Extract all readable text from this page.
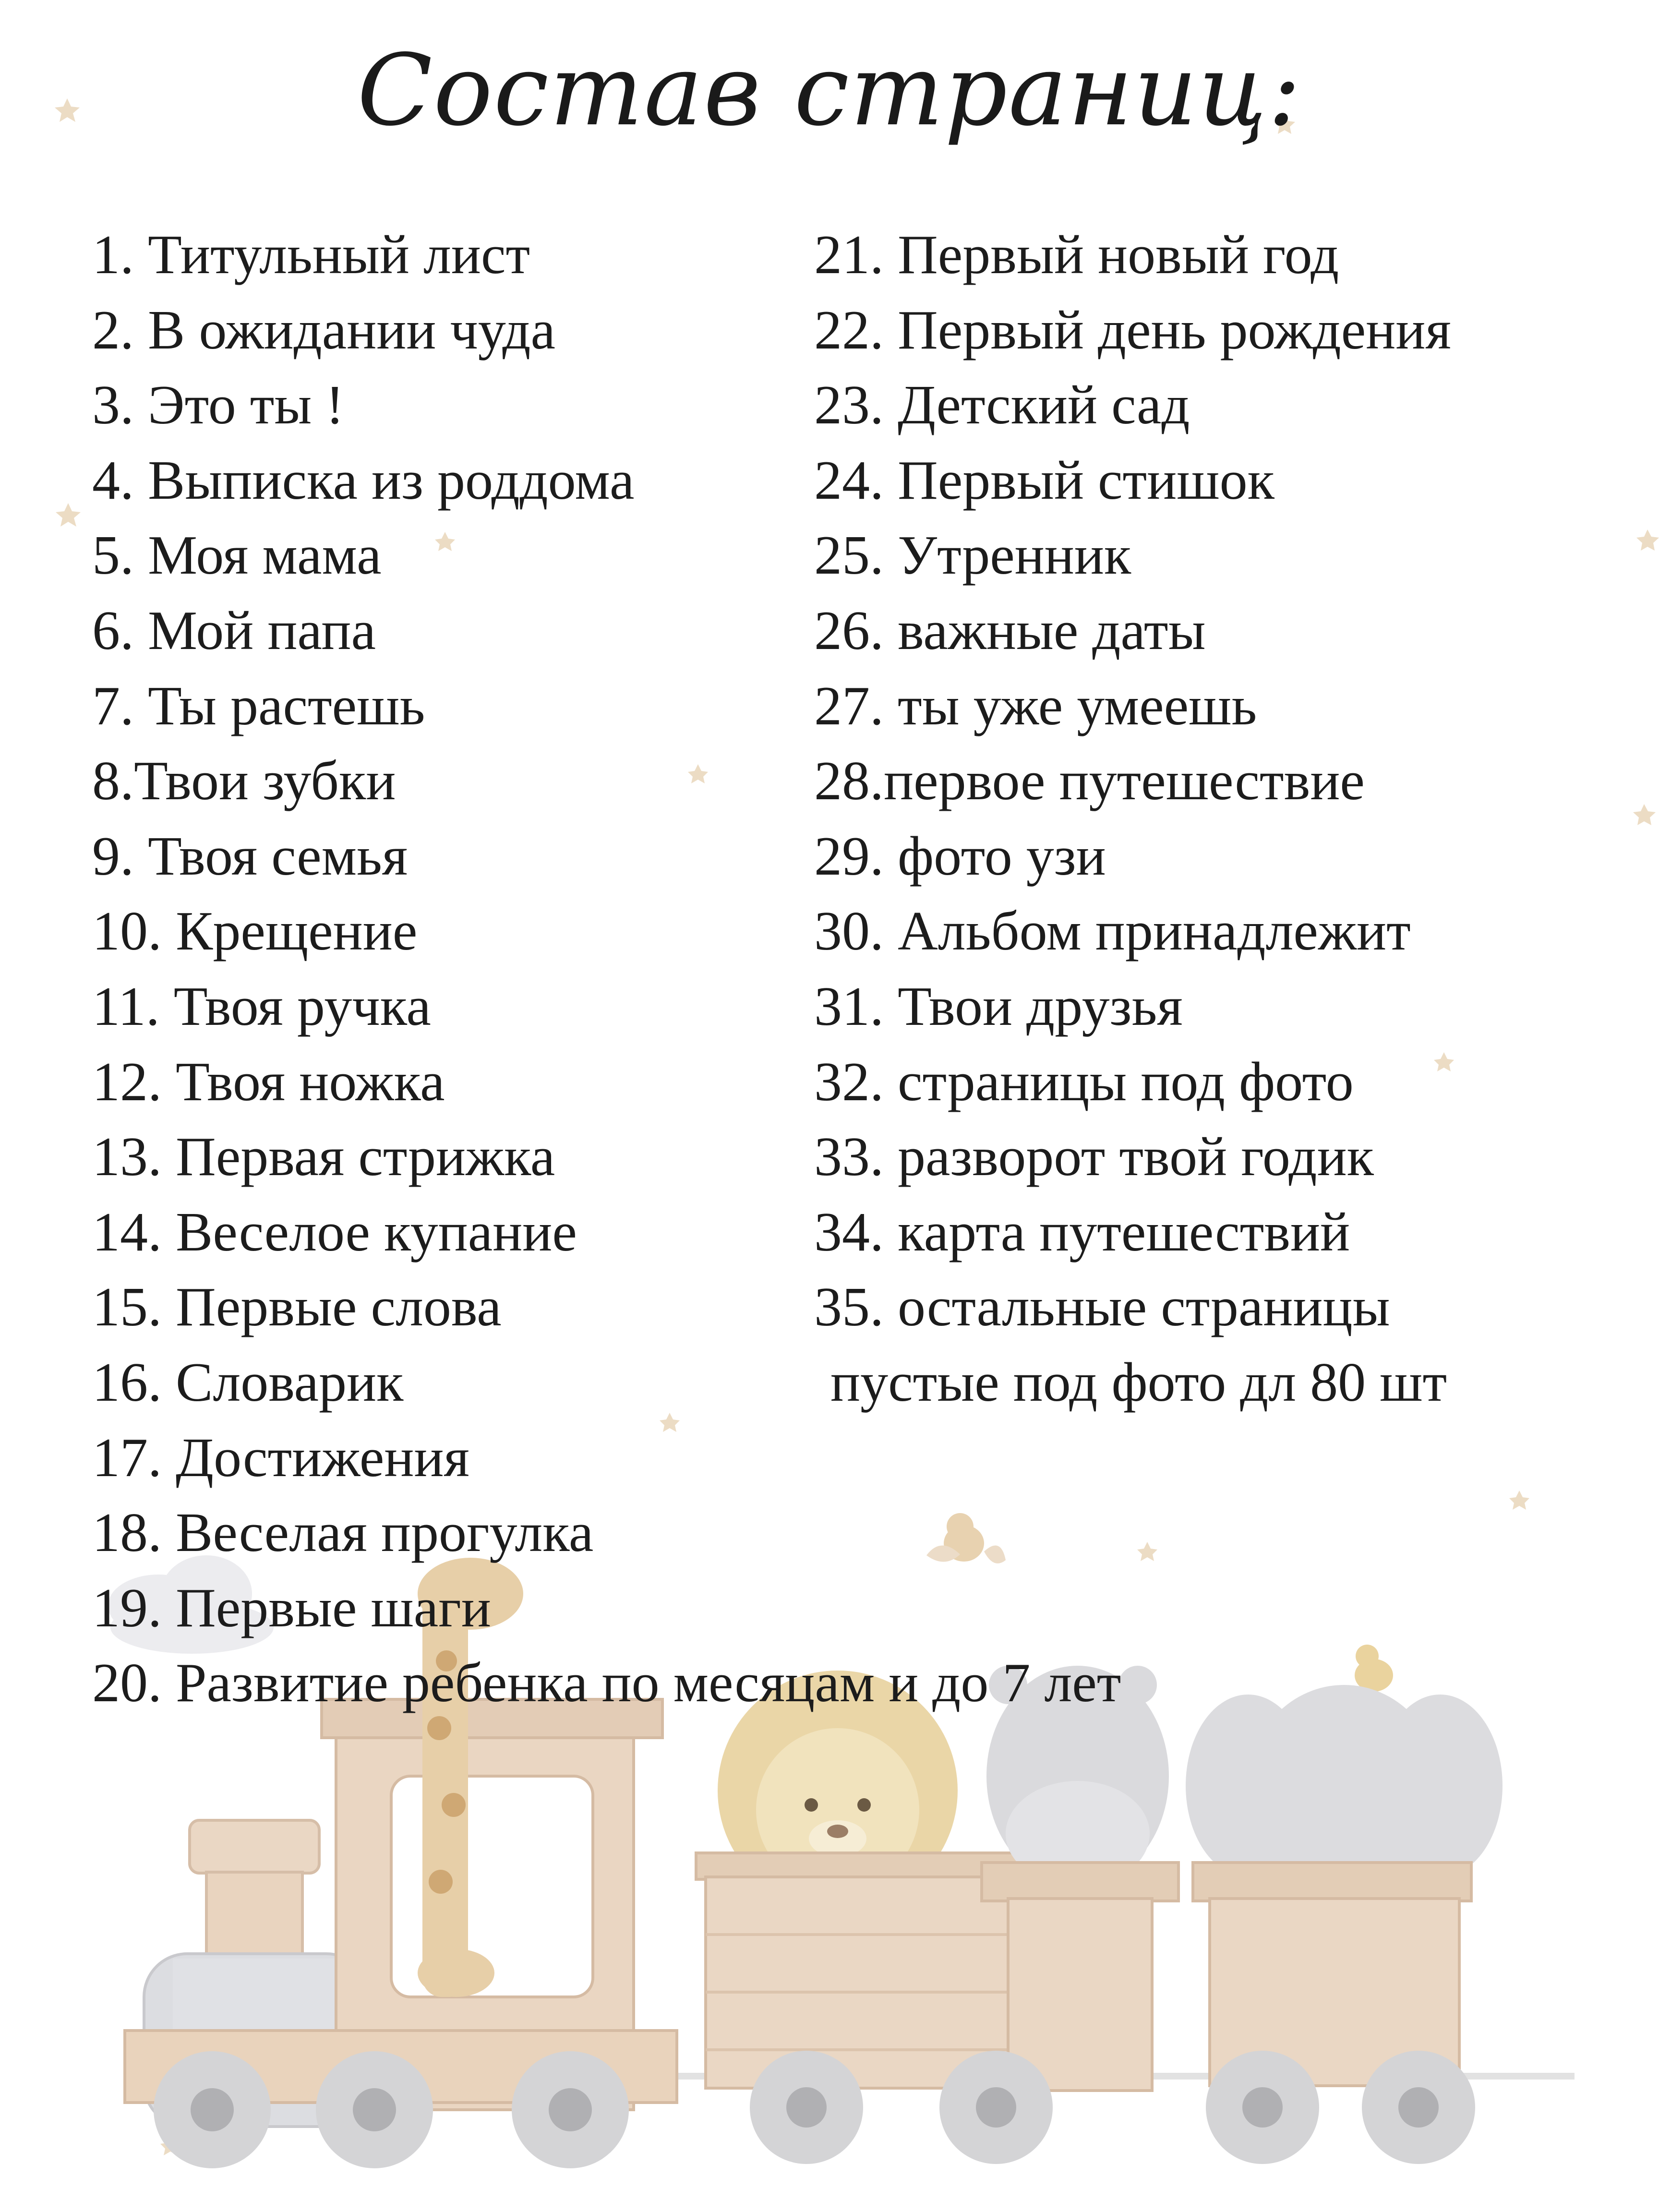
Состав страниц:
1. Титульный лист
2. В ожидании чуда
3. Это ты !
4. Выписка из роддома
5. Моя мама
6. Мой папа
7. Ты растешь
8.Твои зубки
9. Твоя семья
10. Крещение
11. Твоя ручка
12. Твоя ножка
13. Первая стрижка
14. Веселое купание
15. Первые слова
16. Словарик
17. Достижения
18. Веселая прогулка
19. Первые шаги
20. Развитие ребенка по месяцам и до 7 лет
21. Первый новый год
22. Первый день рождения
23. Детский сад
24. Первый стишок
25. Утренник
26. важные даты
27. ты уже умеешь
28.первое путешествие
29. фото узи
30. Альбом принадлежит
31. Твои друзья
32. страницы под фото
33. разворот твой годик
34. карта путешествий
35. остальные страницы
пустые под фото дл 80 шт
